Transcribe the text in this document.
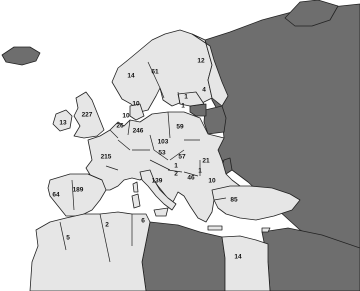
14
61
12
4
1
1
10
227
13
10
26
246
59
103
53
57
1
21
215
139
2
46
1
10
85
189
64
5
2
6
14
